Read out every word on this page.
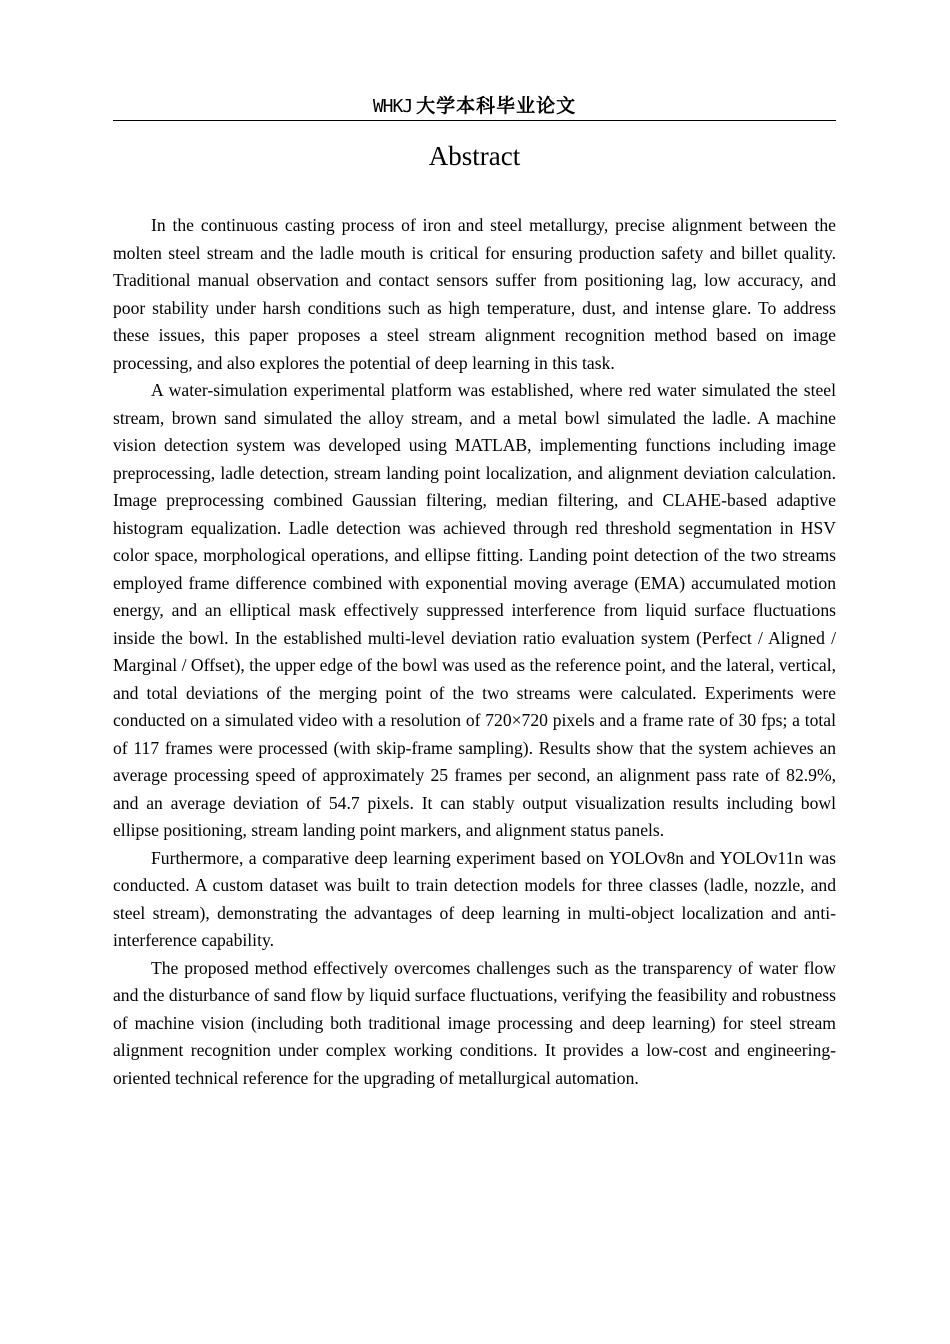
WHKJ 大学本科毕业论文
Abstract

In the continuous casting process of iron and steel metallurgy, precise alignment between the molten steel stream and the ladle mouth is critical for ensuring production safety and billet quality. Traditional manual observation and contact sensors suffer from positioning lag, low accuracy, and poor stability under harsh conditions such as high temperature, dust, and intense glare. To address these issues, this paper proposes a steel stream alignment recognition method based on image processing, and also explores the potential of deep learning in this task.

A water-simulation experimental platform was established, where red water simulated the steel stream, brown sand simulated the alloy stream, and a metal bowl simulated the ladle. A machine vision detection system was developed using MATLAB, implementing functions including image preprocessing, ladle detection, stream landing point localization, and alignment deviation calculation. Image preprocessing combined Gaussian filtering, median filtering, and CLAHE-based adaptive histogram equalization. Ladle detection was achieved through red threshold segmentation in HSV color space, morphological operations, and ellipse fitting. Landing point detection of the two streams employed frame difference combined with exponential moving average (EMA) accumulated motion energy, and an elliptical mask effectively suppressed interference from liquid surface fluctuations inside the bowl. In the established multi-level deviation ratio evaluation system (Perfect / Aligned / Marginal / Offset), the upper edge of the bowl was used as the reference point, and the lateral, vertical, and total deviations of the merging point of the two streams were calculated. Experiments were conducted on a simulated video with a resolution of 720×720 pixels and a frame rate of 30 fps; a total of 117 frames were processed (with skip-frame sampling). Results show that the system achieves an average processing speed of approximately 25 frames per second, an alignment pass rate of 82.9%, and an average deviation of 54.7 pixels. It can stably output visualization results including bowl ellipse positioning, stream landing point markers, and alignment status panels.

Furthermore, a comparative deep learning experiment based on YOLOv8n and YOLOv11n was conducted. A custom dataset was built to train detection models for three classes (ladle, nozzle, and steel stream), demonstrating the advantages of deep learning in multi-object localization and anti-interference capability.

The proposed method effectively overcomes challenges such as the transparency of water flow and the disturbance of sand flow by liquid surface fluctuations, verifying the feasibility and robustness of machine vision (including both traditional image processing and deep learning) for steel stream alignment recognition under complex working conditions. It provides a low-cost and engineering-oriented technical reference for the upgrading of metallurgical automation.
